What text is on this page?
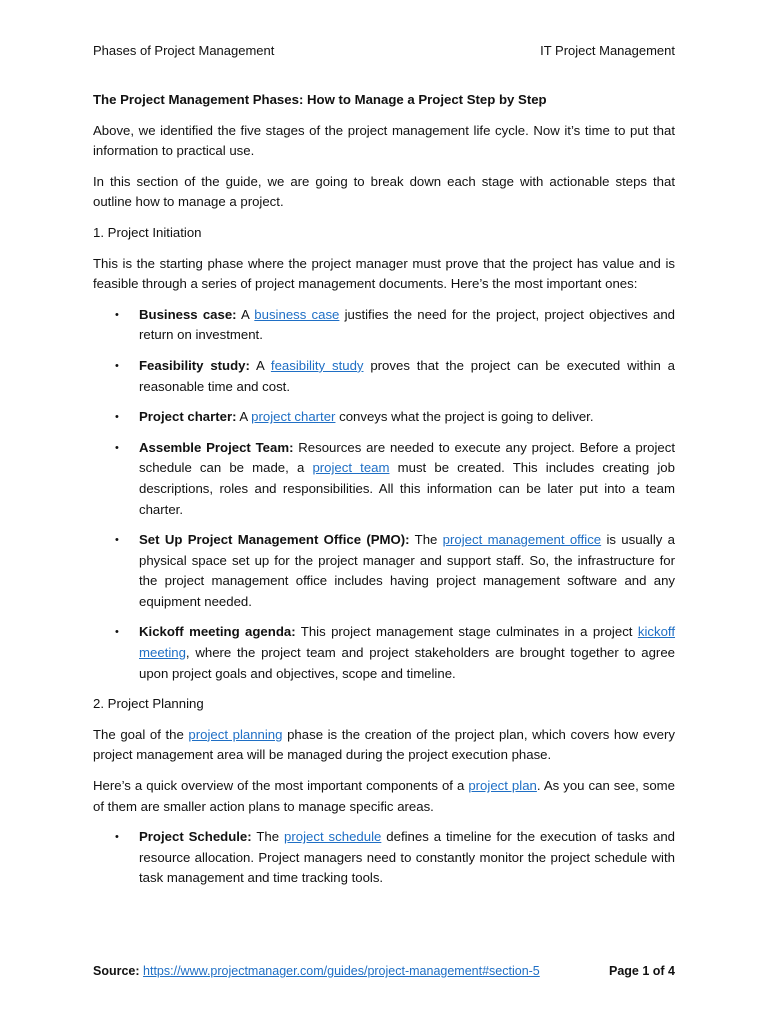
Phases of Project Management	IT Project Management

The Project Management Phases: How to Manage a Project Step by Step

Above, we identified the five stages of the project management life cycle. Now it’s time to put that information to practical use.

In this section of the guide, we are going to break down each stage with actionable steps that outline how to manage a project.

1. Project Initiation

This is the starting phase where the project manager must prove that the project has value and is feasible through a series of project management documents. Here’s the most important ones:

• Business case: A business case justifies the need for the project, project objectives and return on investment.
• Feasibility study: A feasibility study proves that the project can be executed within a reasonable time and cost.
• Project charter: A project charter conveys what the project is going to deliver.
• Assemble Project Team: Resources are needed to execute any project. Before a project schedule can be made, a project team must be created. This includes creating job descriptions, roles and responsibilities. All this information can be later put into a team charter.
• Set Up Project Management Office (PMO): The project management office is usually a physical space set up for the project manager and support staff. So, the infrastructure for the project management office includes having project management software and any equipment needed.
• Kickoff meeting agenda: This project management stage culminates in a project kickoff meeting, where the project team and project stakeholders are brought together to agree upon project goals and objectives, scope and timeline.

2. Project Planning

The goal of the project planning phase is the creation of the project plan, which covers how every project management area will be managed during the project execution phase.

Here’s a quick overview of the most important components of a project plan. As you can see, some of them are smaller action plans to manage specific areas.

• Project Schedule: The project schedule defines a timeline for the execution of tasks and resource allocation. Project managers need to constantly monitor the project schedule with task management and time tracking tools.
Source: https://www.projectmanager.com/guides/project-management#section-5	Page 1 of 4
